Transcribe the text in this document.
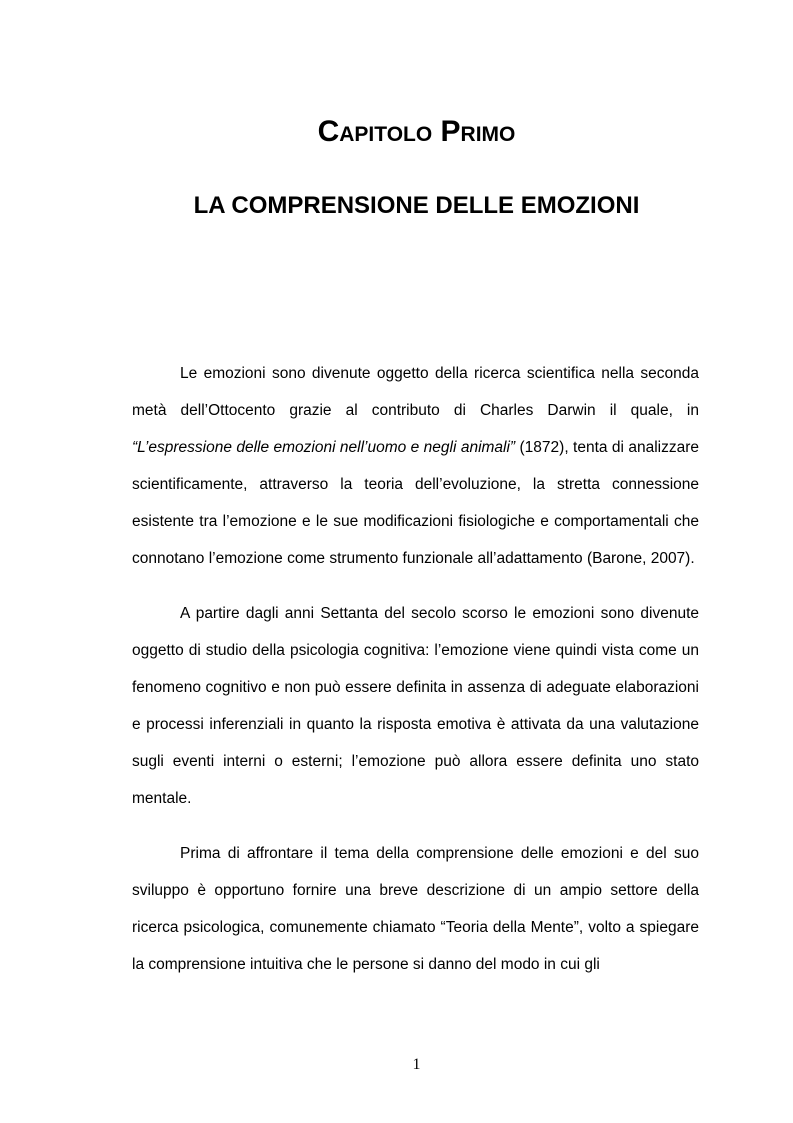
Capitolo Primo
LA COMPRENSIONE DELLE EMOZIONI

Le emozioni sono divenute oggetto della ricerca scientifica nella seconda metà dell’Ottocento grazie al contributo di Charles Darwin il quale, in “L’espressione delle emozioni nell’uomo e negli animali” (1872), tenta di analizzare scientificamente, attraverso la teoria dell’evoluzione, la stretta connessione esistente tra l’emozione e le sue modificazioni fisiologiche e comportamentali che connotano l’emozione come strumento funzionale all’adattamento (Barone, 2007).

A partire dagli anni Settanta del secolo scorso le emozioni sono divenute oggetto di studio della psicologia cognitiva: l’emozione viene quindi vista come un fenomeno cognitivo e non può essere definita in assenza di adeguate elaborazioni e processi inferenziali in quanto la risposta emotiva è attivata da una valutazione sugli eventi interni o esterni; l’emozione può allora essere definita uno stato mentale.

Prima di affrontare il tema della comprensione delle emozioni e del suo sviluppo è opportuno fornire una breve descrizione di un ampio settore della ricerca psicologica, comunemente chiamato “Teoria della Mente”, volto a spiegare la comprensione intuitiva che le persone si danno del modo in cui gli

1
